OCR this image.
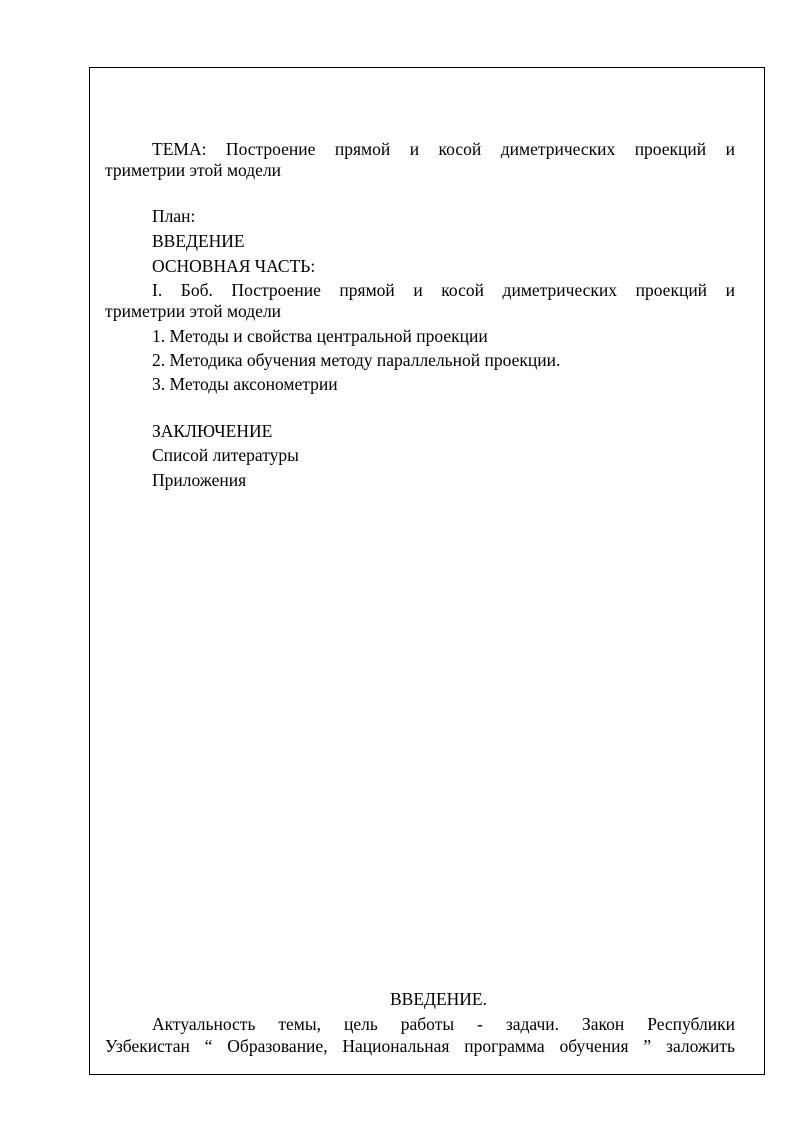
ТЕМА: Построение прямой и косой диметрических проекций и
триметрии этой модели
План:
ВВЕДЕНИЕ
ОСНОВНАЯ ЧАСТЬ:
I. Боб. Построение прямой и косой диметрических проекций и
триметрии этой модели
1. Методы и свойства центральной проекции
2. Методика обучения методу параллельной проекции.
3. Методы аксонометрии
ЗАКЛЮЧЕНИЕ
Списой литературы
Приложения
ВВЕДЕНИЕ.
Актуальность темы, цель работы - задачи. Закон Республики
Узбекистан “ Образование, Национальная программа обучения ” заложить
